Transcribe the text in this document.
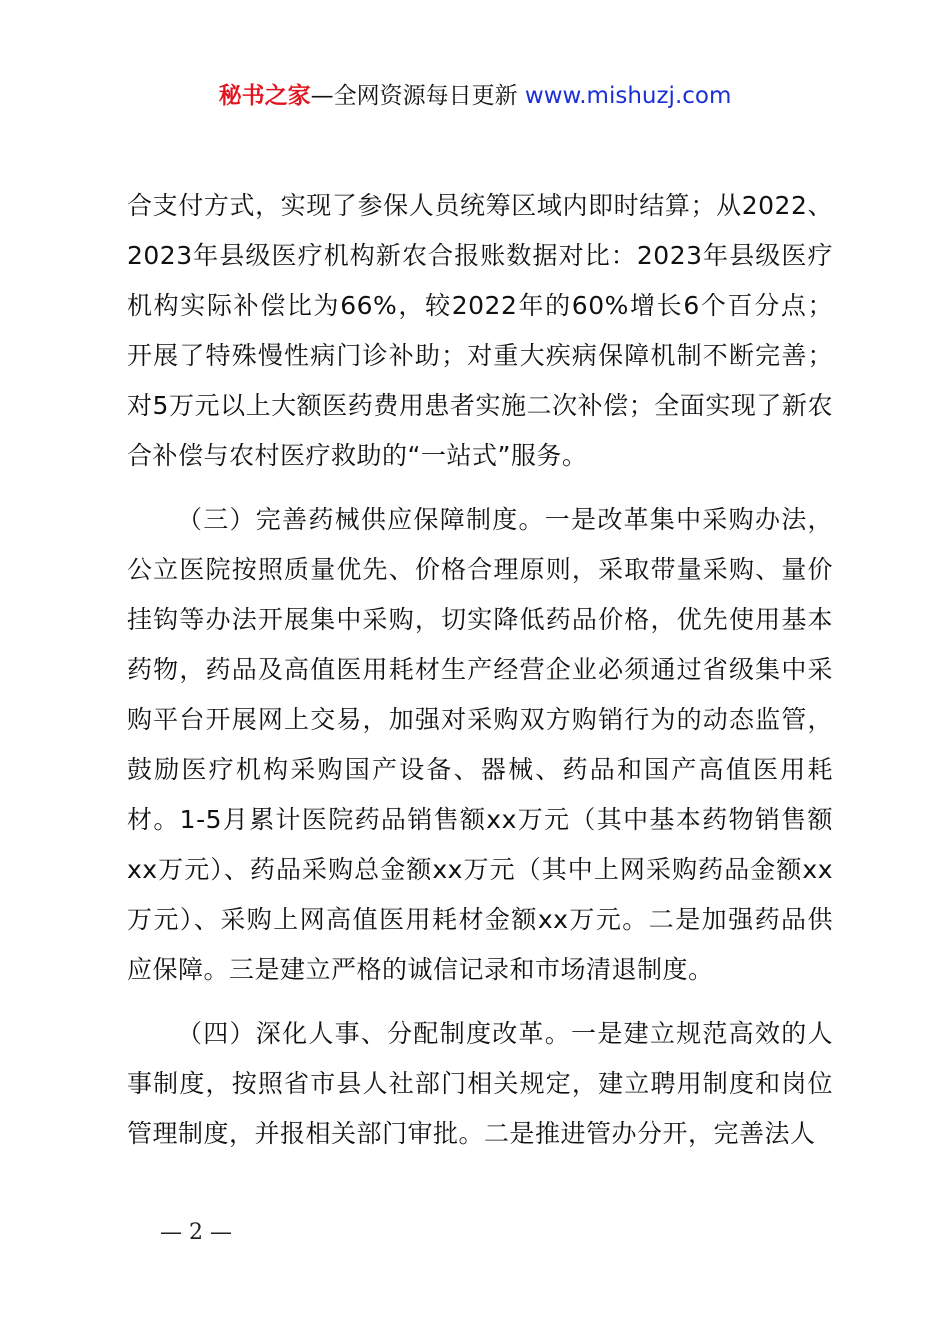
秘书之家—全网资源每日更新 www.mishuzj.com

合支付方式，实现了参保人员统筹区域内即时结算；从2022、2023年县级医疗机构新农合报账数据对比：2023年县级医疗机构实际补偿比为66%，较2022年的60%增长6个百分点；开展了特殊慢性病门诊补助；对重大疾病保障机制不断完善；对5万元以上大额医药费用患者实施二次补偿；全面实现了新农合补偿与农村医疗救助的“一站式”服务。

（三）完善药械供应保障制度。一是改革集中采购办法，公立医院按照质量优先、价格合理原则，采取带量采购、量价挂钩等办法开展集中采购，切实降低药品价格，优先使用基本药物，药品及高值医用耗材生产经营企业必须通过省级集中采购平台开展网上交易，加强对采购双方购销行为的动态监管，鼓励医疗机构采购国产设备、器械、药品和国产高值医用耗材。1-5月累计医院药品销售额xx万元（其中基本药物销售额xx万元）、药品采购总金额xx万元（其中上网采购药品金额xx万元）、采购上网高值医用耗材金额xx万元。二是加强药品供应保障。三是建立严格的诚信记录和市场清退制度。

（四）深化人事、分配制度改革。一是建立规范高效的人事制度，按照省市县人社部门相关规定，建立聘用制度和岗位管理制度，并报相关部门审批。二是推进管办分开，完善法人

— 2 —
